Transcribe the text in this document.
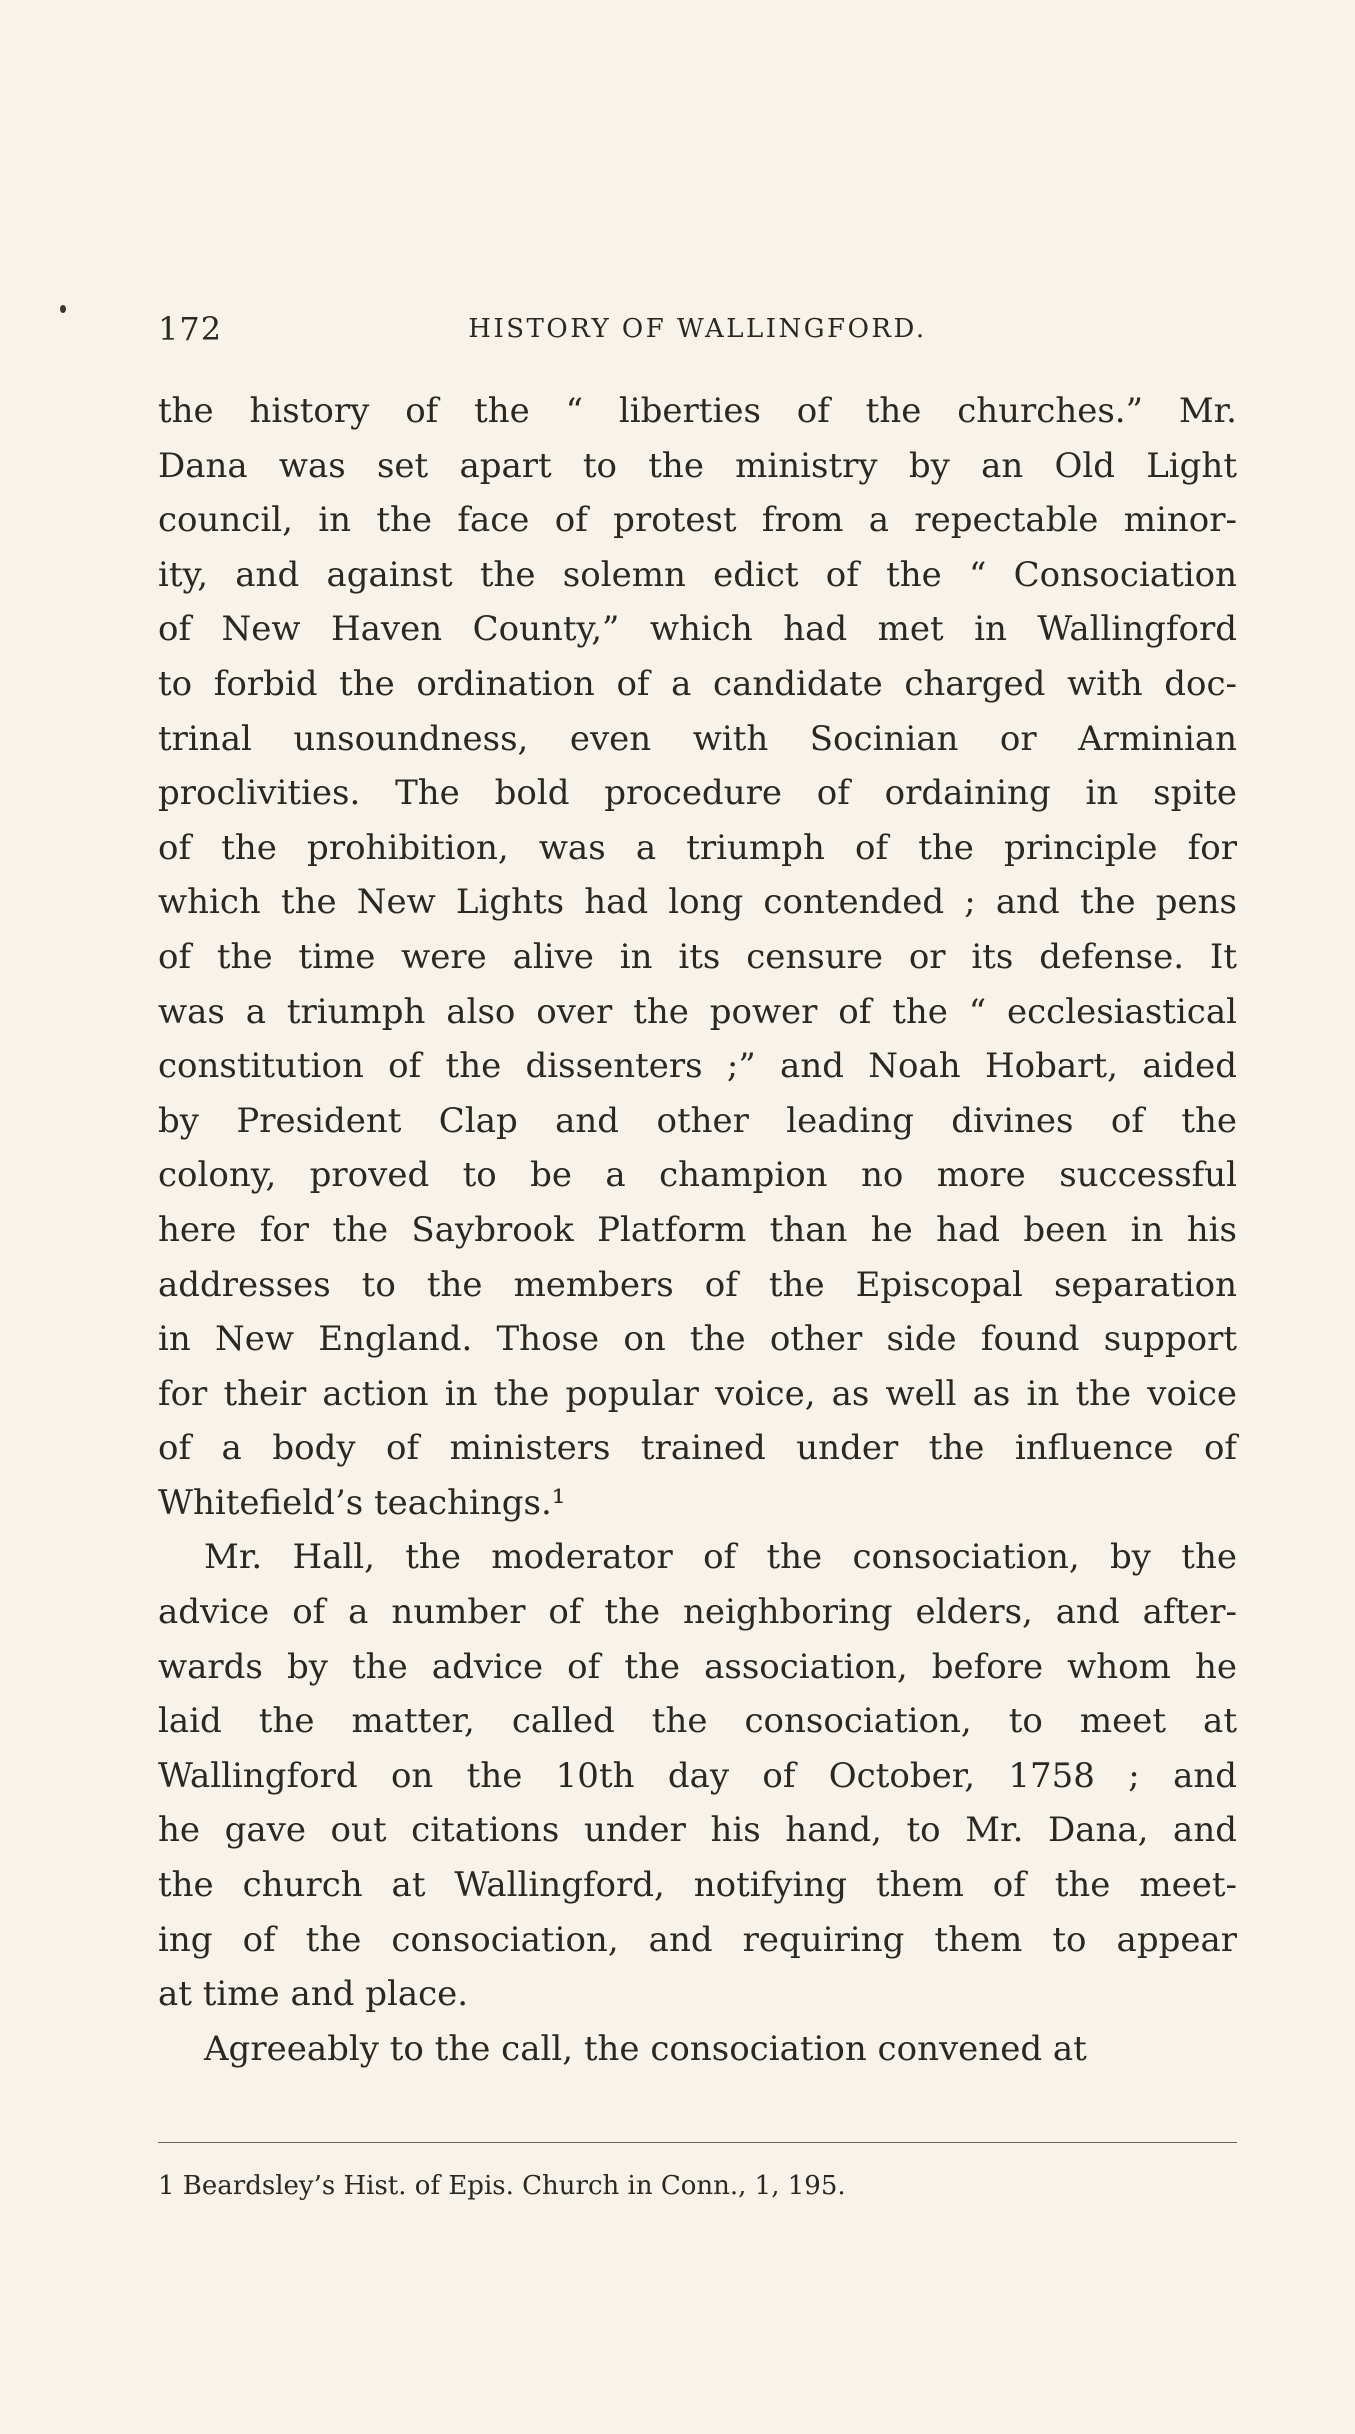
172	HISTORY OF WALLINGFORD.
the history of the “ liberties of the churches.” Mr.
Dana was set apart to the ministry by an Old Light
council, in the face of protest from a repectable minor-
ity, and against the solemn edict of the “ Consociation
of New Haven County,” which had met in Wallingford
to forbid the ordination of a candidate charged with doc-
trinal unsoundness, even with Socinian or Arminian
proclivities. The bold procedure of ordaining in spite
of the prohibition, was a triumph of the principle for
which the New Lights had long contended ; and the pens
of the time were alive in its censure or its defense. It
was a triumph also over the power of the “ ecclesiastical
constitution of the dissenters ;” and Noah Hobart, aided
by President Clap and other leading divines of the
colony, proved to be a champion no more successful
here for the Saybrook Platform than he had been in his
addresses to the members of the Episcopal separation
in New England. Those on the other side found support
for their action in the popular voice, as well as in the voice
of a body of ministers trained under the influence of
Whitefield’s teachings.¹
Mr. Hall, the moderator of the consociation, by the
advice of a number of the neighboring elders, and after-
wards by the advice of the association, before whom he
laid the matter, called the consociation, to meet at
Wallingford on the 10th day of October, 1758 ; and
he gave out citations under his hand, to Mr. Dana, and
the church at Wallingford, notifying them of the meet-
ing of the consociation, and requiring them to appear
at time and place.
Agreeably to the call, the consociation convened at
1 Beardsley’s Hist. of Epis. Church in Conn., 1, 195.
